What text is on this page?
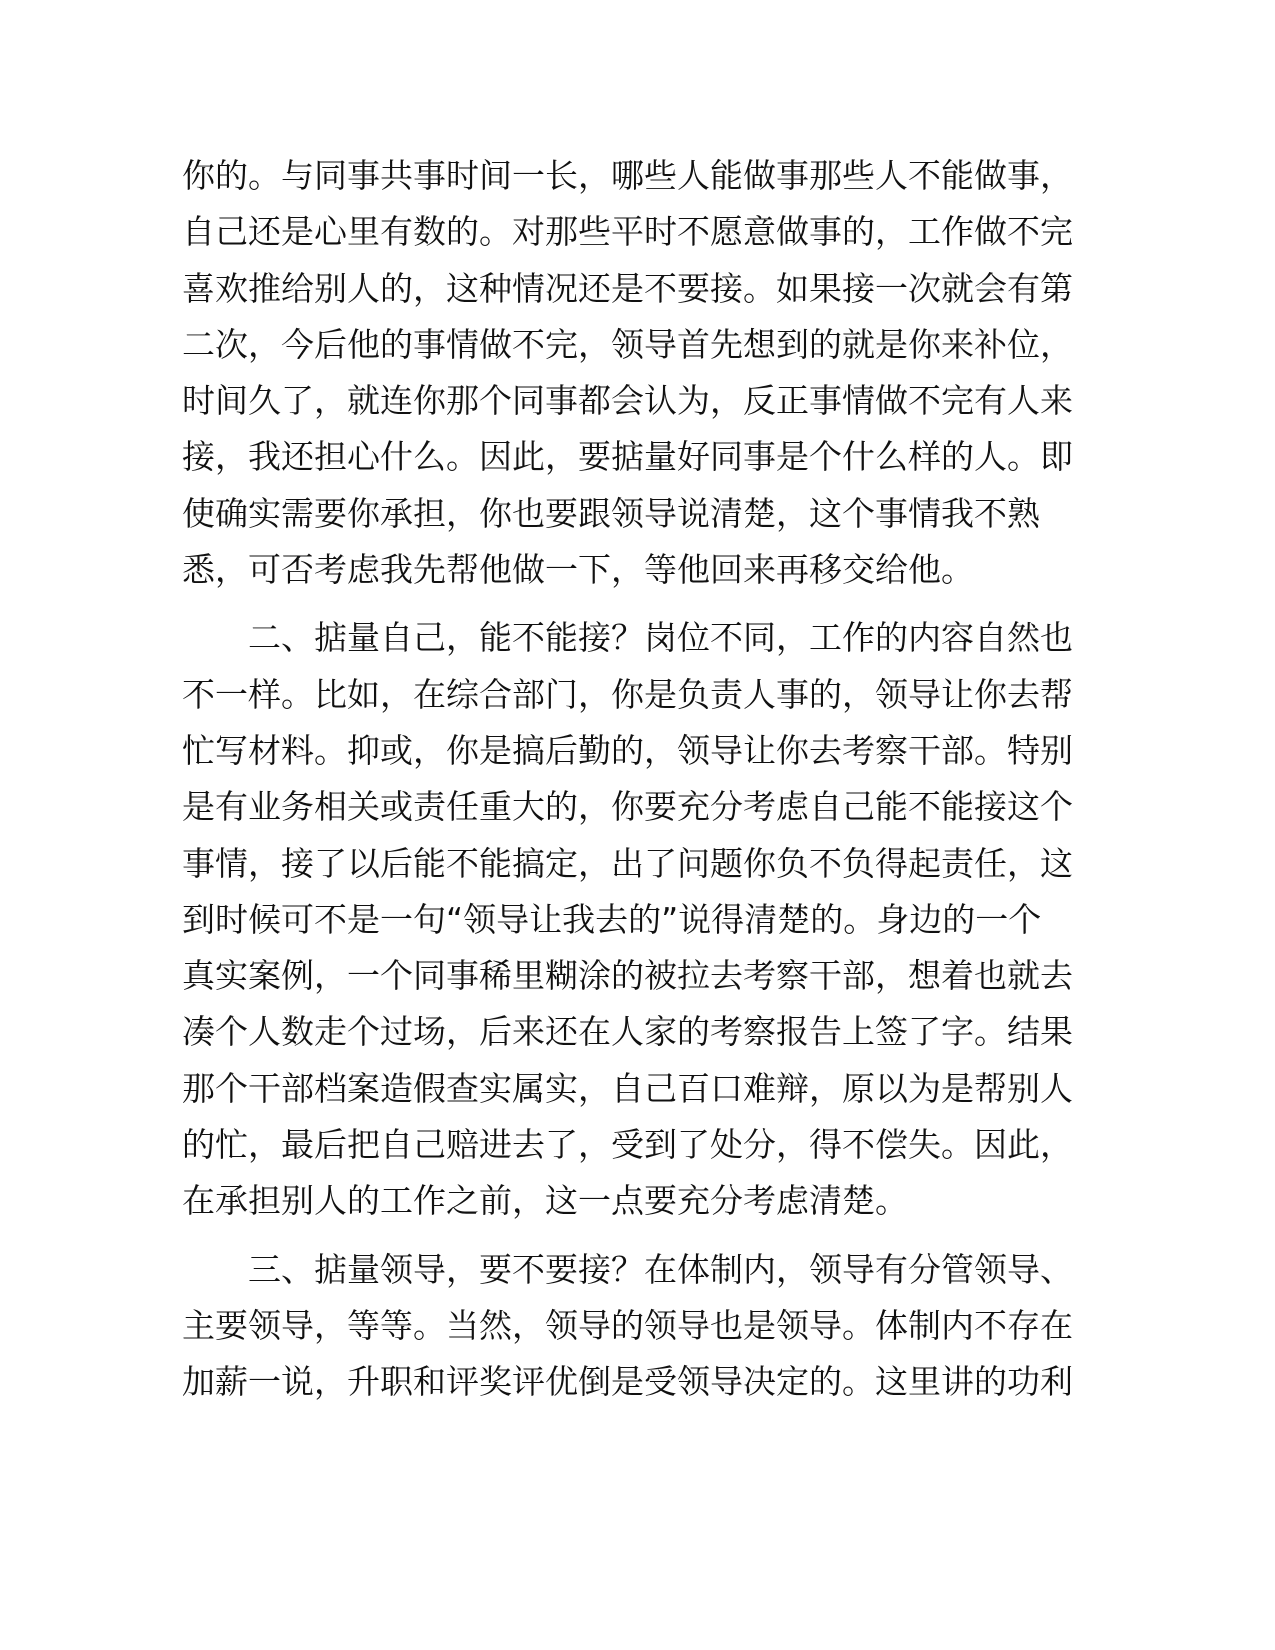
你的。与同事共事时间一长，哪些人能做事那些人不能做事，
自己还是心里有数的。对那些平时不愿意做事的，工作做不完
喜欢推给别人的，这种情况还是不要接。如果接一次就会有第
二次，今后他的事情做不完，领导首先想到的就是你来补位，
时间久了，就连你那个同事都会认为，反正事情做不完有人来
接，我还担心什么。因此，要掂量好同事是个什么样的人。即
使确实需要你承担，你也要跟领导说清楚，这个事情我不熟
悉，可否考虑我先帮他做一下，等他回来再移交给他。
二、掂量自己，能不能接？岗位不同，工作的内容自然也
不一样。比如，在综合部门，你是负责人事的，领导让你去帮
忙写材料。抑或，你是搞后勤的，领导让你去考察干部。特别
是有业务相关或责任重大的，你要充分考虑自己能不能接这个
事情，接了以后能不能搞定，出了问题你负不负得起责任，这
到时候可不是一句“领导让我去的”说得清楚的。身边的一个
真实案例，一个同事稀里糊涂的被拉去考察干部，想着也就去
凑个人数走个过场，后来还在人家的考察报告上签了字。结果
那个干部档案造假查实属实，自己百口难辩，原以为是帮别人
的忙，最后把自己赔进去了，受到了处分，得不偿失。因此，
在承担别人的工作之前，这一点要充分考虑清楚。
三、掂量领导，要不要接？在体制内，领导有分管领导、
主要领导，等等。当然，领导的领导也是领导。体制内不存在
加薪一说，升职和评奖评优倒是受领导决定的。这里讲的功利
